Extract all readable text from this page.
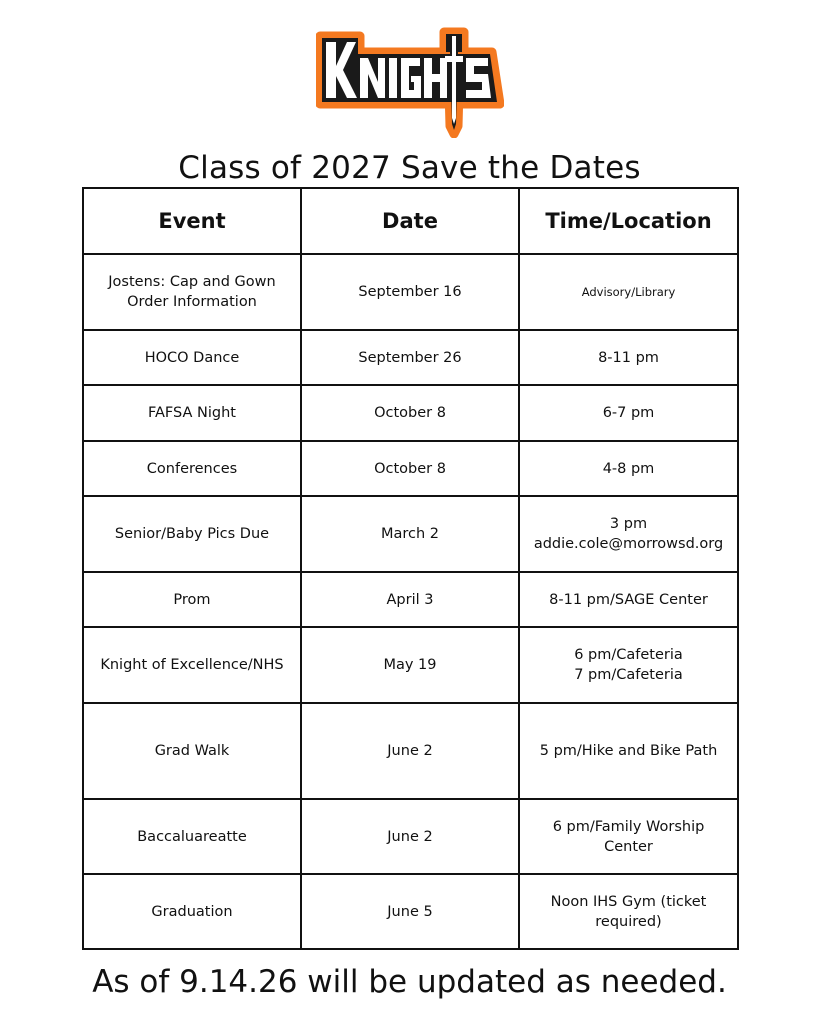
Class of 2027 Save the Dates
Event	Date	Time/Location

Jostens: Cap and Gown
Order Information	September 16	Advisory/Library

HOCO Dance	September 26	8-11 pm
FAFSA Night	October 8	6-7 pm
Conferences	October 8	4-8 pm
Senior/Baby Pics Due	March 2	3 pm
addie.cole@morrowsd.org

Prom	April 3	8-11 pm/SAGE Center
Knight of Excellence/NHS	May 19	6 pm/Cafeteria
7 pm/Cafeteria

Grad Walk	June 2	5 pm/Hike and Bike Path
Baccaluareatte	June 2	6 pm/Family Worship
Center

Graduation	June 5	Noon IHS Gym (ticket
required)
As of 9.14.26 will be updated as needed.
